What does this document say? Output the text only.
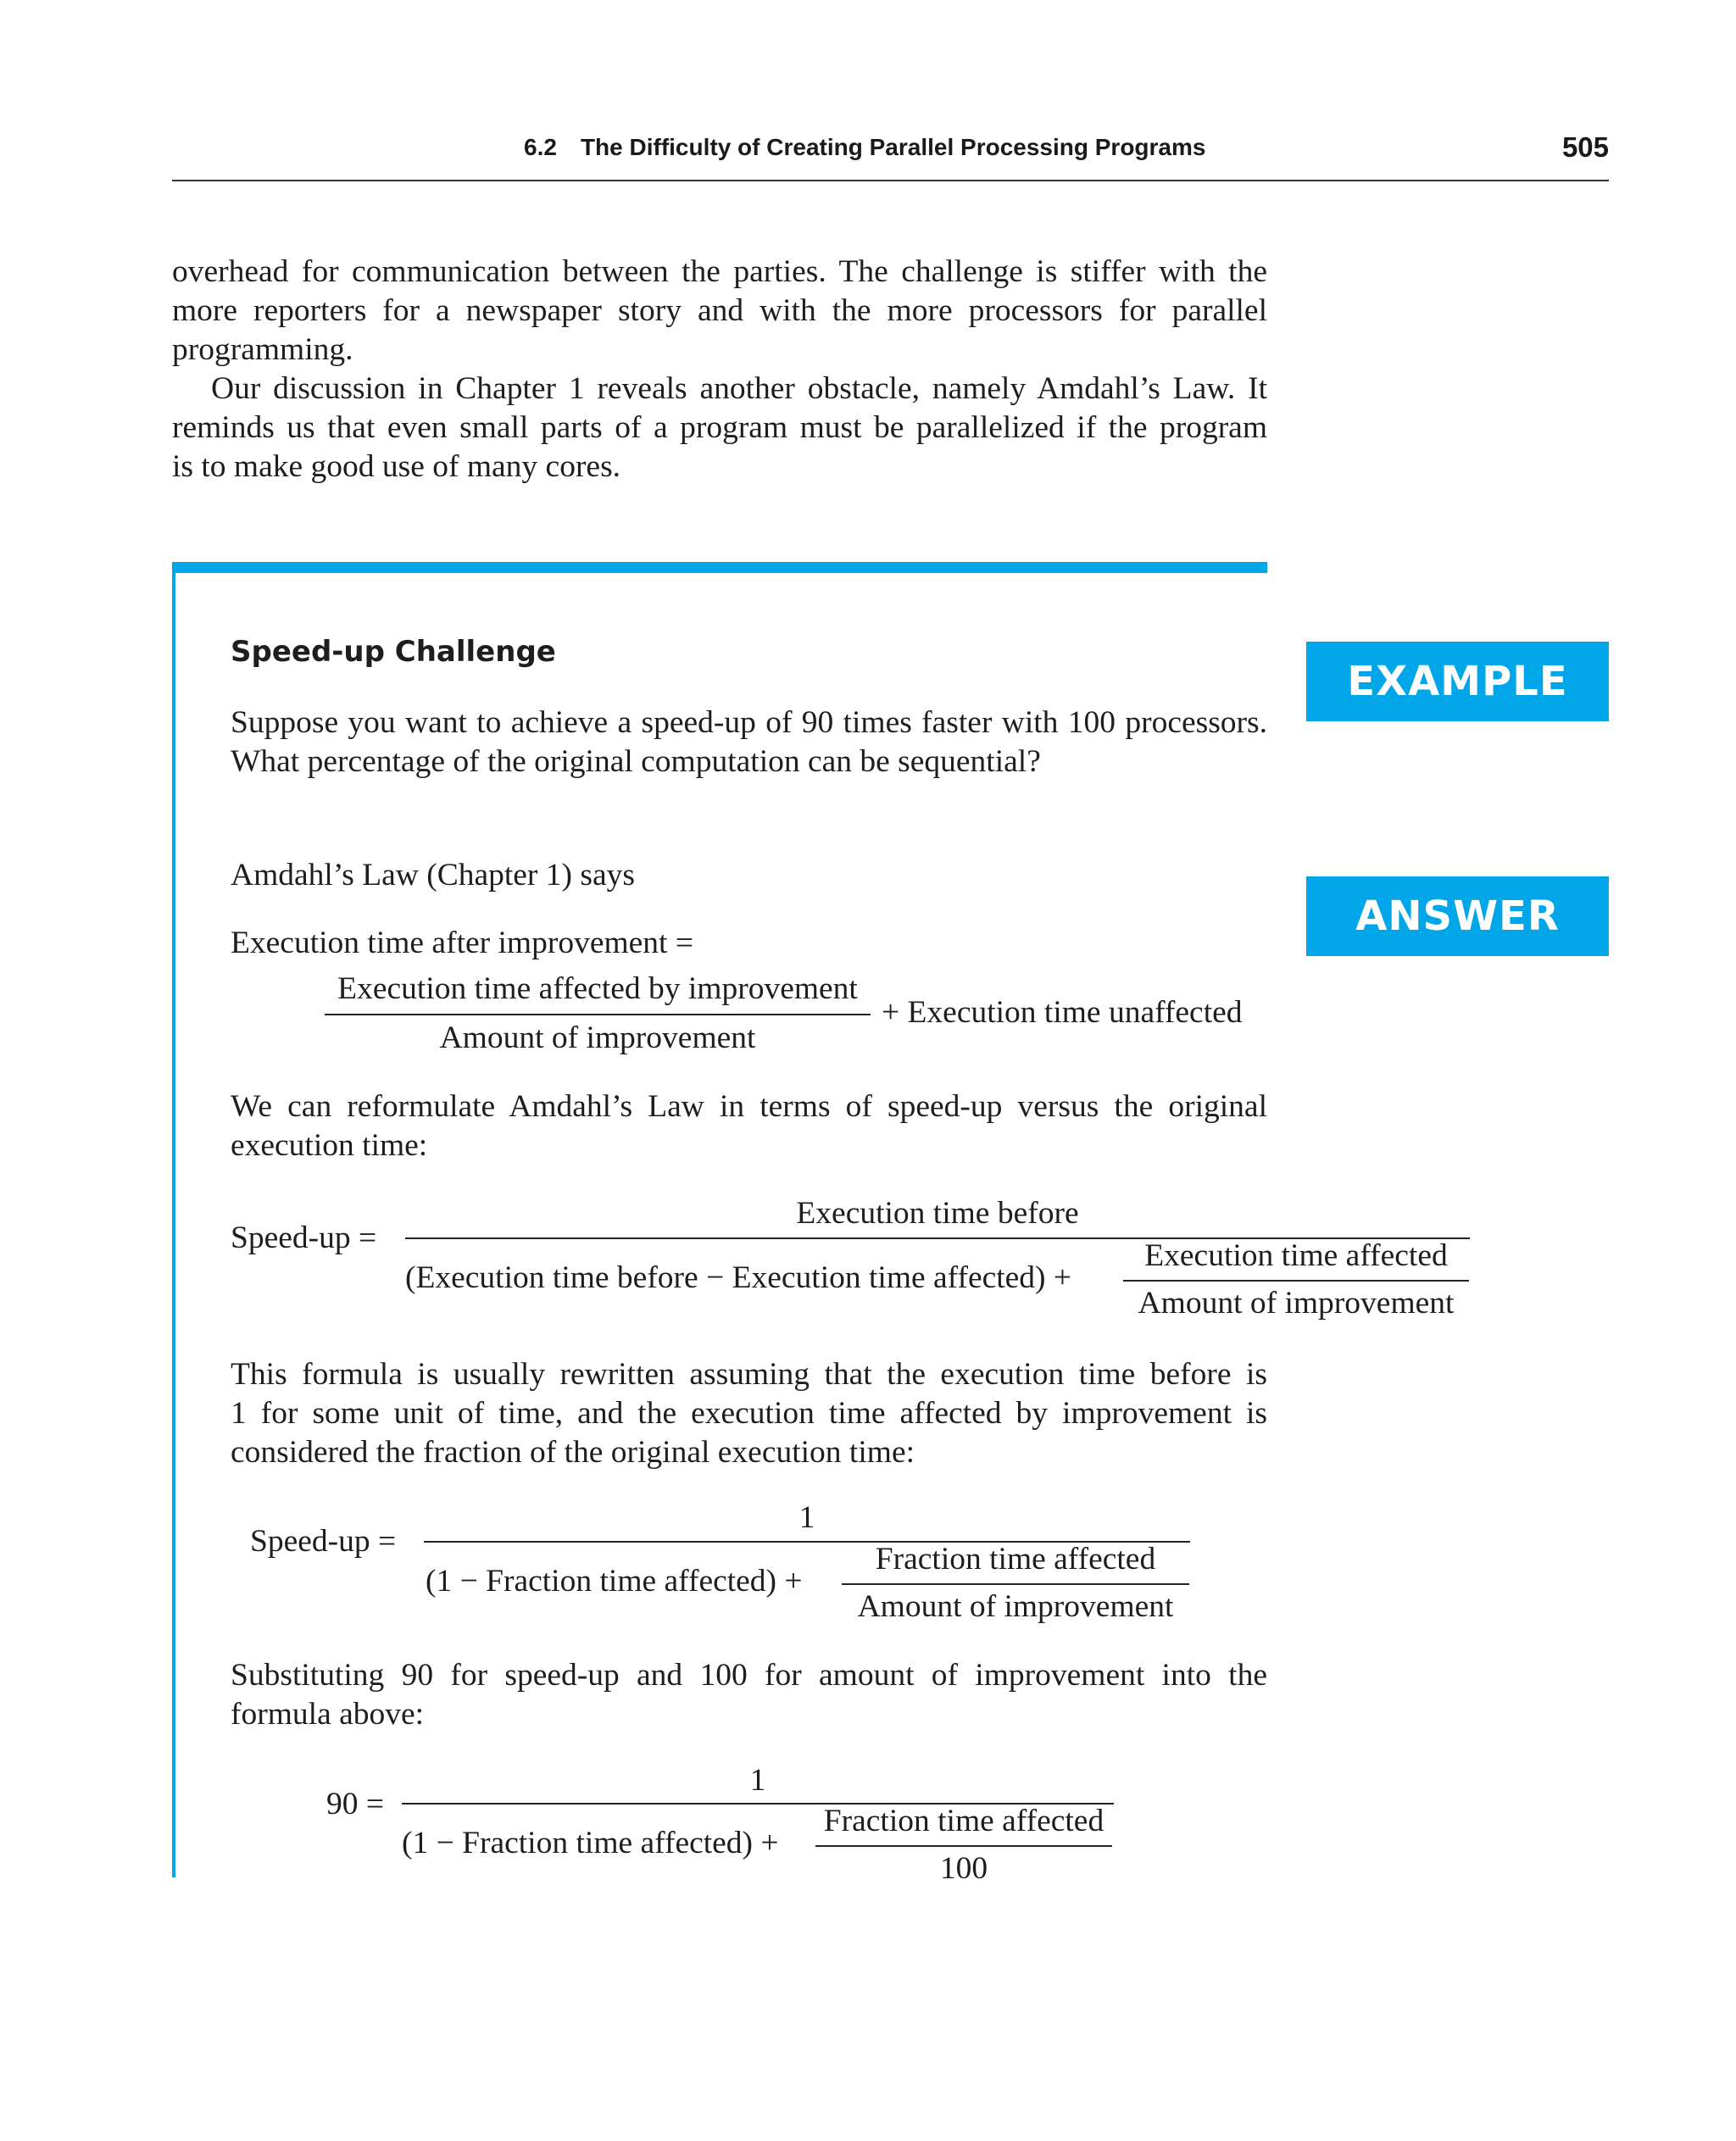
6.2 The Difficulty of Creating Parallel Processing Programs	505
overhead for communication between the parties. The challenge is stiffer with the
more reporters for a newspaper story and with the more processors for parallel
programming.
Our discussion in Chapter 1 reveals another obstacle, namely Amdahl’s Law. It
reminds us that even small parts of a program must be parallelized if the program
is to make good use of many cores.
EXAMPLE
ANSWER
Speed-up Challenge
Suppose you want to achieve a speed-up of 90 times faster with 100 processors.
What percentage of the original computation can be sequential?
Amdahl’s Law (Chapter 1) says
Execution time after improvement =
Execution time affected by improvement
Amount of improvement
+ Execution time unaffected
We can reformulate Amdahl’s Law in terms of speed-up versus the original
execution time:
Speed-up =
Execution time before
(Execution time before − Execution time affected) +
Execution time affected
Amount of improvement
This formula is usually rewritten assuming that the execution time before is
1 for some unit of time, and the execution time affected by improvement is
considered the fraction of the original execution time:
Speed-up =
1
(1 − Fraction time affected) +
Fraction time affected
Amount of improvement
Substituting 90 for speed-up and 100 for amount of improvement into the
formula above:
90 =
1
(1 − Fraction time affected) +
Fraction time affected
100
